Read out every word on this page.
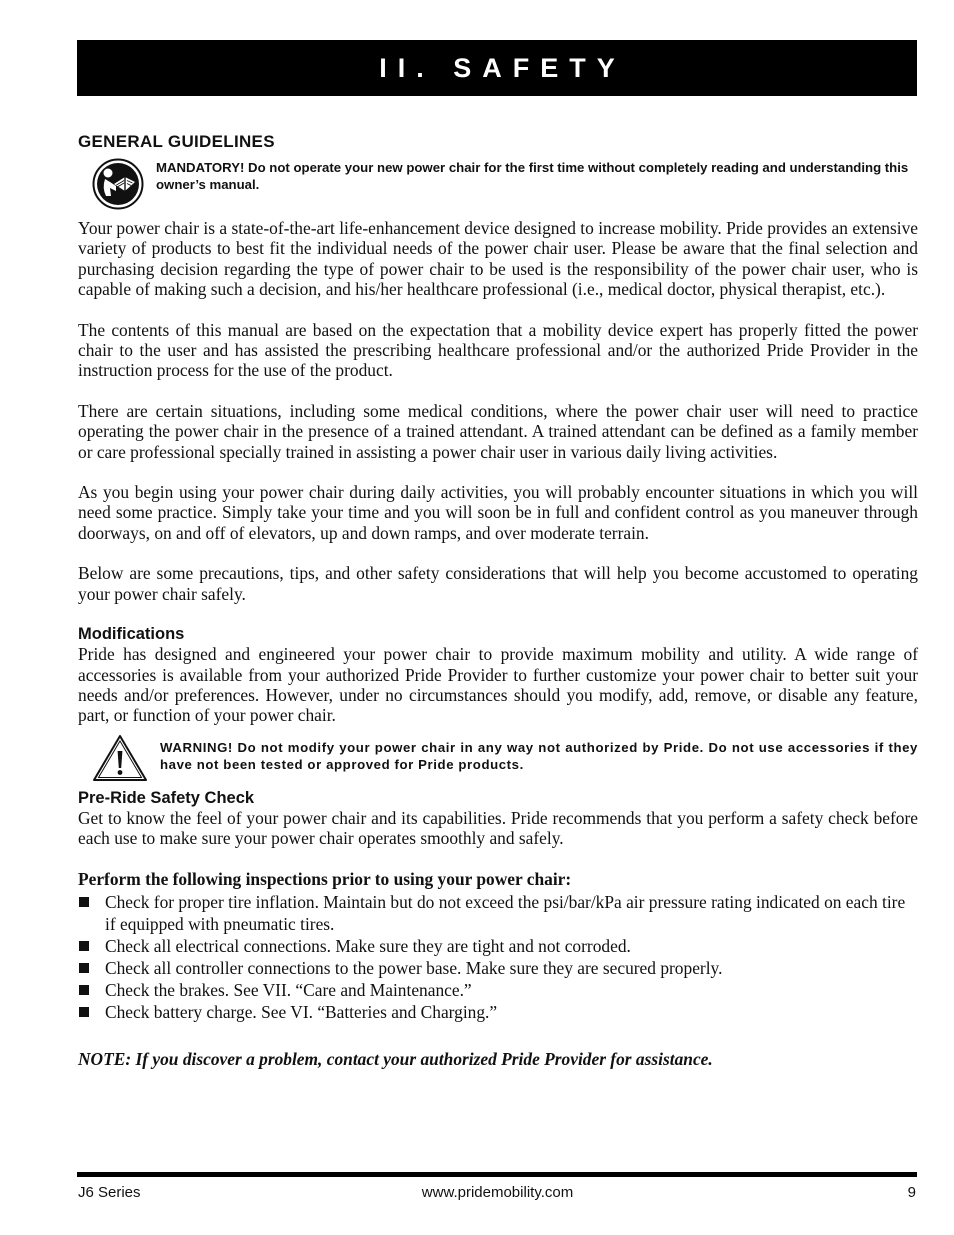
II. SAFETY
GENERAL GUIDELINES
MANDATORY! Do not operate your new power chair for the first time without completely reading and understanding this owner’s manual.

Your power chair is a state-of-the-art life-enhancement device designed to increase mobility. Pride provides an extensive variety of products to best fit the individual needs of the power chair user. Please be aware that the final selection and purchasing decision regarding the type of power chair to be used is the responsibility of the power chair user, who is capable of making such a decision, and his/her healthcare professional (i.e., medical doctor, physical therapist, etc.).

The contents of this manual are based on the expectation that a mobility device expert has properly fitted the power chair to the user and has assisted the prescribing healthcare professional and/or the authorized Pride Provider in the instruction process for the use of the product.

There are certain situations, including some medical conditions, where the power chair user will need to practice operating the power chair in the presence of a trained attendant. A trained attendant can be defined as a family member or care professional specially trained in assisting a power chair user in various daily living activities.

As you begin using your power chair during daily activities, you will probably encounter situations in which you will need some practice. Simply take your time and you will soon be in full and confident control as you maneuver through doorways, on and off of elevators, up and down ramps, and over moderate terrain.

Below are some precautions, tips, and other safety considerations that will help you become accustomed to operating your power chair safely.

Modifications

Pride has designed and engineered your power chair to provide maximum mobility and utility. A wide range of accessories is available from your authorized Pride Provider to further customize your power chair to better suit your needs and/or preferences. However, under no circumstances should you modify, add, remove, or disable any feature, part, or function of your power chair.

WARNING! Do not modify your power chair in any way not authorized by Pride. Do not use accessories if they have not been tested or approved for Pride products.
Pre-Ride Safety Check

Get to know the feel of your power chair and its capabilities. Pride recommends that you perform a safety check before each use to make sure your power chair operates smoothly and safely.

Perform the following inspections prior to using your power chair:
Check for proper tire inflation. Maintain but do not exceed the psi/bar/kPa air pressure rating indicated on each tire if equipped with pneumatic tires.
Check all electrical connections. Make sure they are tight and not corroded.
Check all controller connections to the power base. Make sure they are secured properly.
Check the brakes. See VII. “Care and Maintenance.”
Check battery charge. See VI. “Batteries and Charging.”
NOTE: If you discover a problem, contact your authorized Pride Provider for assistance.
J6 Series	www.pridemobility.com	9
